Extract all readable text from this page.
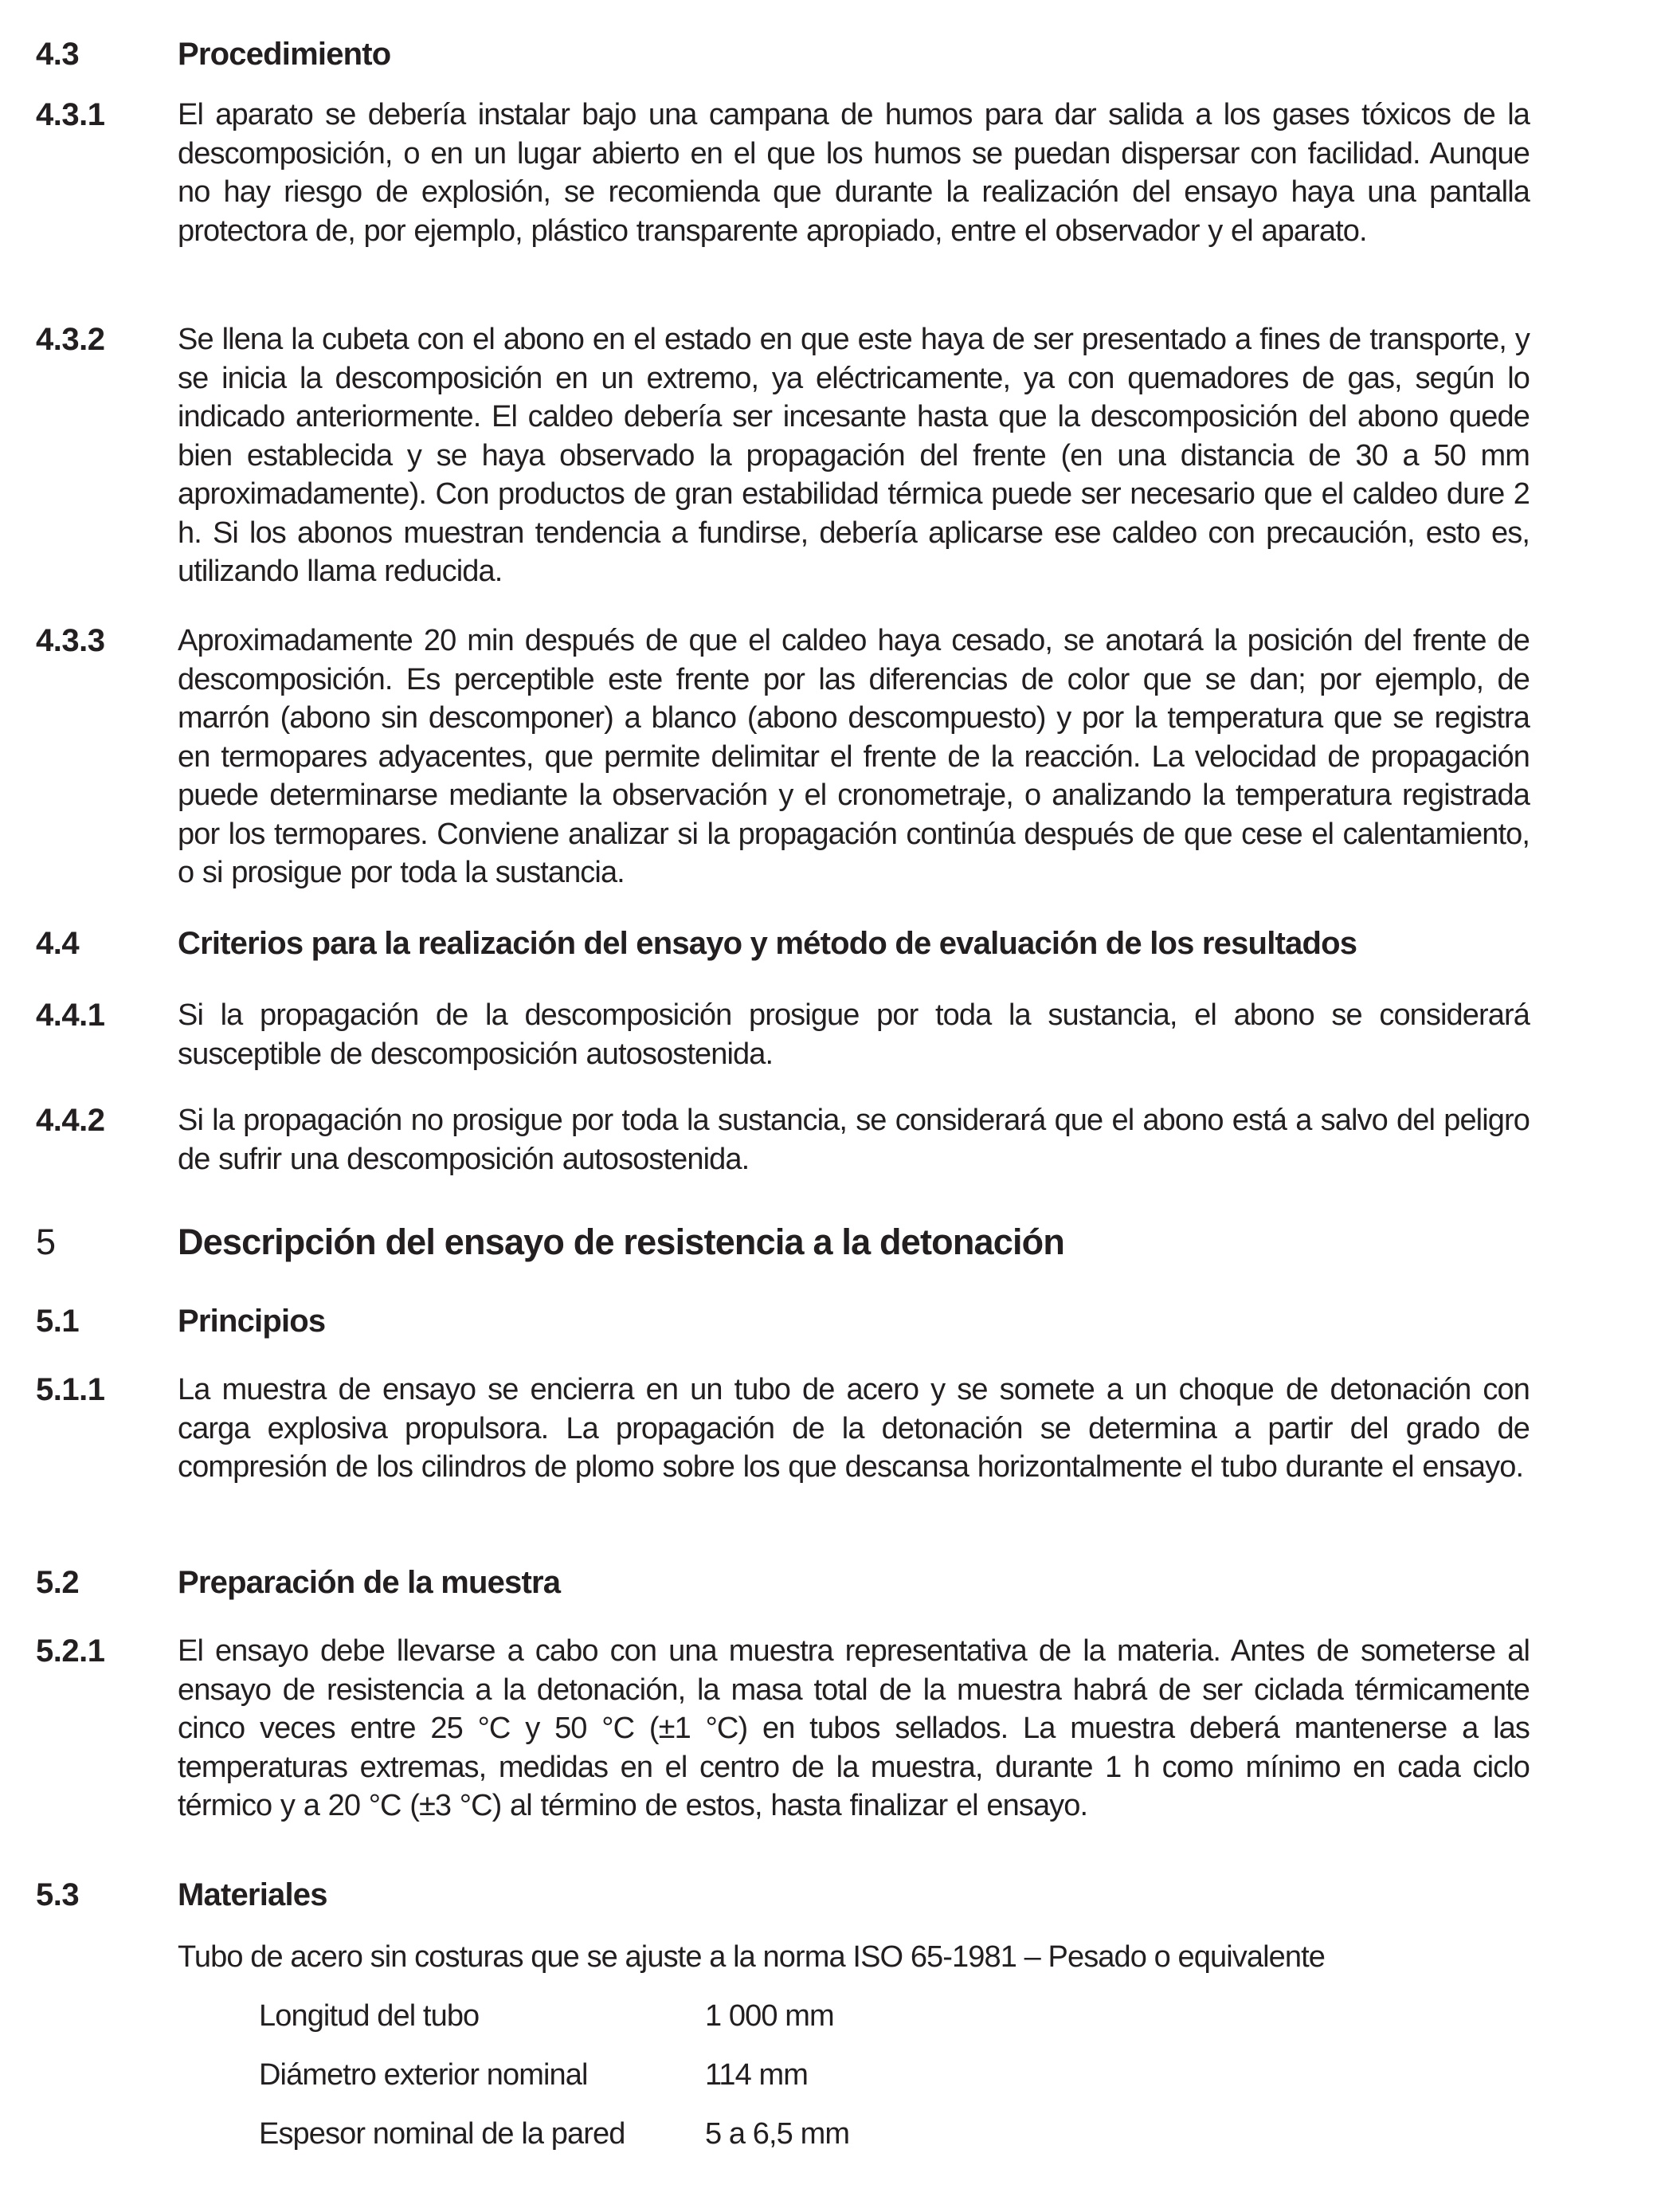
4.3	Procedimiento
4.3.1 El aparato se debería instalar bajo una campana de humos para dar salida a los gases tóxicos de la descomposición, o en un lugar abierto en el que los humos se puedan dispersar con facilidad. Aunque no hay riesgo de explosión, se recomienda que durante la realización del ensayo haya una pantalla protectora de, por ejemplo, plástico transparente apropiado, entre el observador y el aparato.
4.3.2 Se llena la cubeta con el abono en el estado en que este haya de ser presentado a fines de transporte, y se inicia la descomposición en un extremo, ya eléctricamente, ya con quemadores de gas, según lo indicado anteriormente. El caldeo debería ser incesante hasta que la descomposición del abono quede bien establecida y se haya observado la propagación del frente (en una distancia de 30 a 50 mm aproximadamente). Con productos de gran estabilidad térmica puede ser necesario que el caldeo dure 2 h. Si los abonos muestran tendencia a fundirse, debería aplicarse ese caldeo con precaución, esto es, utilizando llama reducida.
4.3.3 Aproximadamente 20 min después de que el caldeo haya cesado, se anotará la posición del frente de descomposición. Es perceptible este frente por las diferencias de color que se dan; por ejemplo, de marrón (abono sin descomponer) a blanco (abono descompuesto) y por la temperatura que se registra en termopares adyacentes, que permite delimitar el frente de la reacción. La velocidad de propagación puede determinarse mediante la observación y el cronometraje, o analizando la temperatura registrada por los termopares. Conviene analizar si la propagación continúa después de que cese el calentamiento, o si prosigue por toda la sustancia.
4.4	Criterios para la realización del ensayo y método de evaluación de los resultados
4.4.1 Si la propagación de la descomposición prosigue por toda la sustancia, el abono se considerará susceptible de descomposición autosostenida.
4.4.2 Si la propagación no prosigue por toda la sustancia, se considerará que el abono está a salvo del peligro de sufrir una descomposición autosostenida.
5	Descripción del ensayo de resistencia a la detonación
5.1	Principios
5.1.1 La muestra de ensayo se encierra en un tubo de acero y se somete a un choque de detonación con carga explosiva propulsora. La propagación de la detonación se determina a partir del grado de compresión de los cilindros de plomo sobre los que descansa horizontalmente el tubo durante el ensayo.
5.2	Preparación de la muestra
5.2.1 El ensayo debe llevarse a cabo con una muestra representativa de la materia. Antes de someterse al ensayo de resistencia a la detonación, la masa total de la muestra habrá de ser ciclada térmicamente cinco veces entre 25 °C y 50 °C (±1 °C) en tubos sellados. La muestra deberá mantenerse a las temperaturas extremas, medidas en el centro de la muestra, durante 1 h como mínimo en cada ciclo térmico y a 20 °C (±3 °C) al término de estos, hasta finalizar el ensayo.
5.3	Materiales
Tubo de acero sin costuras que se ajuste a la norma ISO 65-1981 – Pesado o equivalente
Longitud del tubo	1 000 mm
Diámetro exterior nominal	114 mm
Espesor nominal de la pared	5 a 6,5 mm
